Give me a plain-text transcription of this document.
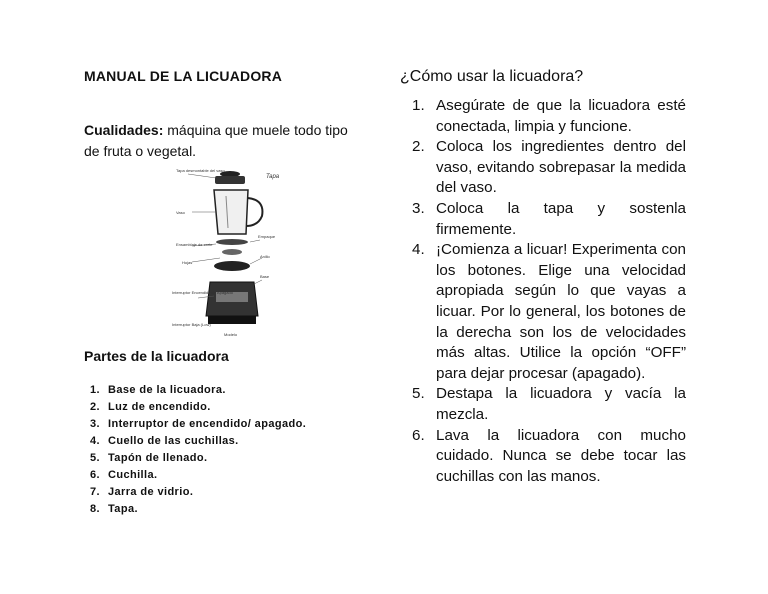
MANUAL DE LA LICUADORA
Cualidades: máquina que muele todo tipo de fruta o vegetal.
Tapa desmontable del vaso
Tapa
Vaso
Empaque
Ensamblaje de corte
Hojas
Anillo
Base
Interruptor Encendido de Apagado
Interruptor Baja (Low)
Modelo
Partes de la licuadora
1. Base de la licuadora.
2. Luz de encendido.
3. Interruptor de encendido/ apagado.
4. Cuello de las cuchillas.
5. Tapón de llenado.
6. Cuchilla.
7. Jarra de vidrio.
8. Tapa.
¿Cómo usar la licuadora?
1. Asegúrate de que la licuadora esté conectada, limpia y funcione.
2. Coloca los ingredientes dentro del vaso, evitando sobrepasar la medida del vaso.
3. Coloca la tapa y sostenla firmemente.
4. ¡Comienza a licuar! Experimenta con los botones. Elige una velocidad apropiada según lo que vayas a licuar. Por lo general, los botones de la derecha son los de velocidades más altas. Utilice la opción “OFF” para dejar procesar (apagado).
5. Destapa la licuadora y vacía la mezcla.
6. Lava la licuadora con mucho cuidado. Nunca se debe tocar las cuchillas con las manos.
